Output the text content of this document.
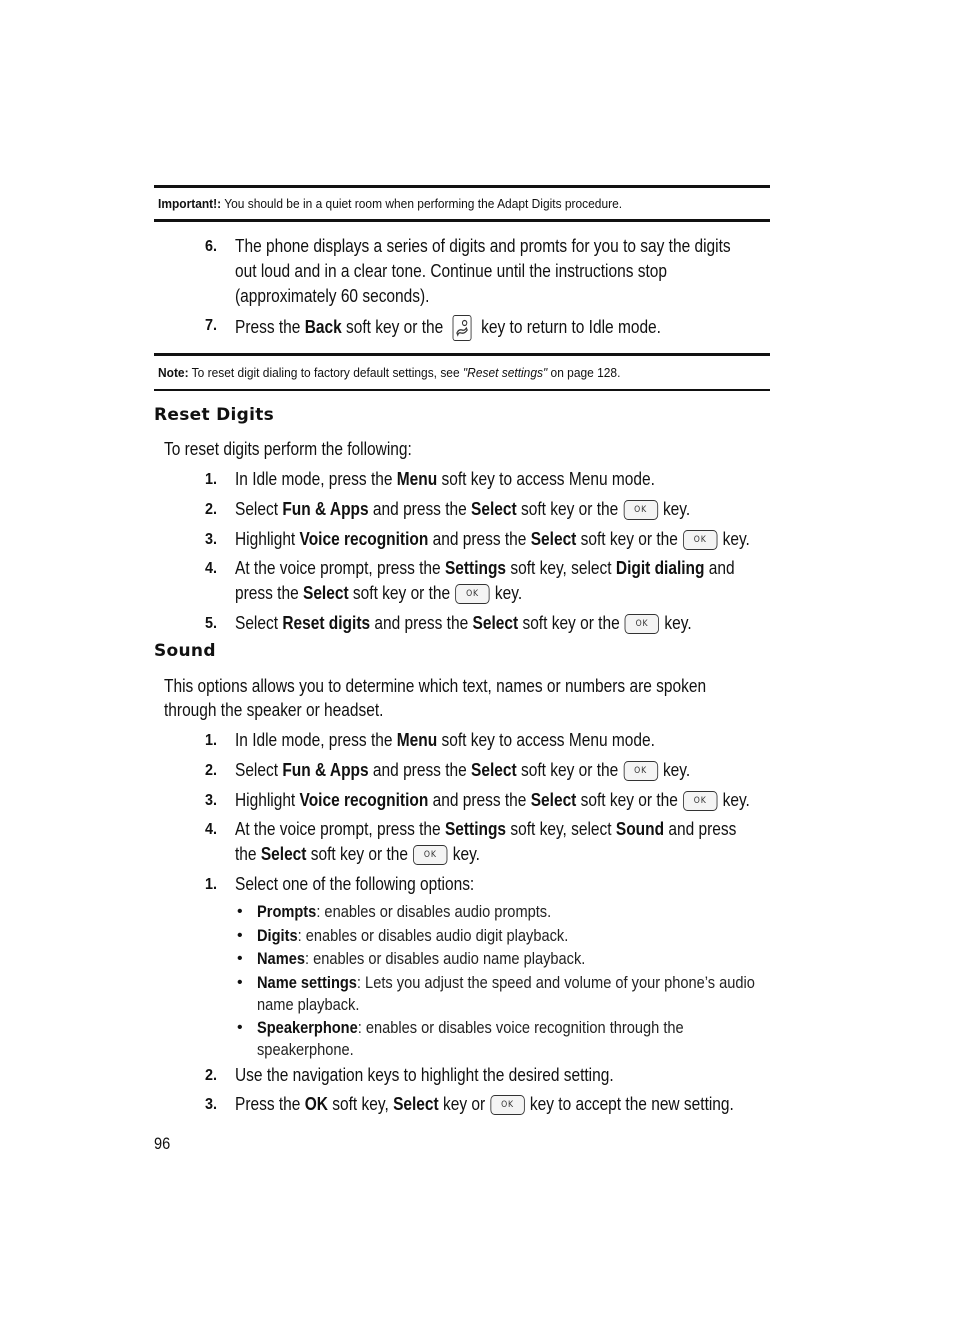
Important!: You should be in a quiet room when performing the Adapt Digits procedure.
6. The phone displays a series of digits and promts for you to say the digits
out loud and in a clear tone. Continue until the instructions stop
(approximately 60 seconds).
7. Press the Back soft key or the key to return to Idle mode.
Note: To reset digit dialing to factory default settings, see "Reset settings" on page 128.
Reset Digits
To reset digits perform the following:
1. In Idle mode, press the Menu soft key to access Menu mode.
2. Select Fun & Apps and press the Select soft key or the OK key.
3. Highlight Voice recognition and press the Select soft key or the OK key.
4. At the voice prompt, press the Settings soft key, select Digit dialing and
press the Select soft key or the OK key.
5. Select Reset digits and press the Select soft key or the OK key.
Sound
This options allows you to determine which text, names or numbers are spoken
through the speaker or headset.
1. In Idle mode, press the Menu soft key to access Menu mode.
2. Select Fun & Apps and press the Select soft key or the OK key.
3. Highlight Voice recognition and press the Select soft key or the OK key.
4. At the voice prompt, press the Settings soft key, select Sound and press
the Select soft key or the OK key.
1. Select one of the following options:
• Prompts: enables or disables audio prompts.
• Digits: enables or disables audio digit playback.
• Names: enables or disables audio name playback.
• Name settings: Lets you adjust the speed and volume of your phone’s audio
name playback.
• Speakerphone: enables or disables voice recognition through the
speakerphone.
2. Use the navigation keys to highlight the desired setting.
3. Press the OK soft key, Select key or OK key to accept the new setting.
96
